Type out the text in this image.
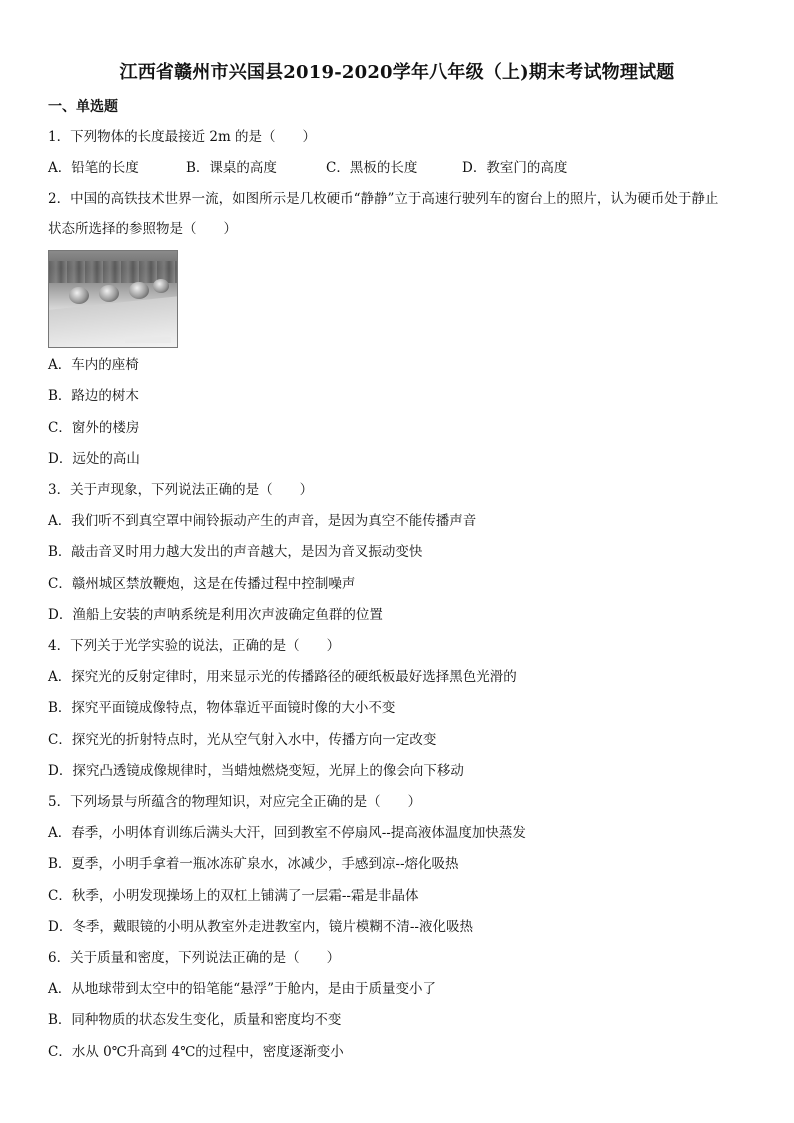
江西省赣州市兴国县2019-2020学年八年级（上)期末考试物理试题
一、单选题
1．下列物体的长度最接近 2m 的是（　　）
A．铅笔的长度	B．课桌的高度	C．黑板的长度	D．教室门的高度
2．中国的高铁技术世界一流，如图所示是几枚硬币“静静”立于高速行驶列车的窗台上的照片，认为硬币处于静止
状态所选择的参照物是（　　）
A．车内的座椅
B．路边的树木
C．窗外的楼房
D．远处的高山
3．关于声现象，下列说法正确的是（　　）
A．我们听不到真空罩中闹铃振动产生的声音，是因为真空不能传播声音
B．敲击音叉时用力越大发出的声音越大，是因为音叉振动变快
C．赣州城区禁放鞭炮，这是在传播过程中控制噪声
D．渔船上安装的声呐系统是利用次声波确定鱼群的位置
4．下列关于光学实验的说法，正确的是（　　）
A．探究光的反射定律时，用来显示光的传播路径的硬纸板最好选择黑色光滑的
B．探究平面镜成像特点，物体靠近平面镜时像的大小不变
C．探究光的折射特点时，光从空气射入水中，传播方向一定改变
D．探究凸透镜成像规律时，当蜡烛燃烧变短，光屏上的像会向下移动
5．下列场景与所蕴含的物理知识，对应完全正确的是（　　）
A．春季，小明体育训练后满头大汗，回到教室不停扇风--提高液体温度加快蒸发
B．夏季，小明手拿着一瓶冰冻矿泉水，冰减少，手感到凉--熔化吸热
C．秋季，小明发现操场上的双杠上铺满了一层霜--霜是非晶体
D．冬季，戴眼镜的小明从教室外走进教室内，镜片模糊不清--液化吸热
6．关于质量和密度，下列说法正确的是（　　）
A．从地球带到太空中的铅笔能“悬浮”于舱内，是由于质量变小了
B．同种物质的状态发生变化，质量和密度均不变
C．水从 0℃升高到 4℃的过程中，密度逐渐变小
